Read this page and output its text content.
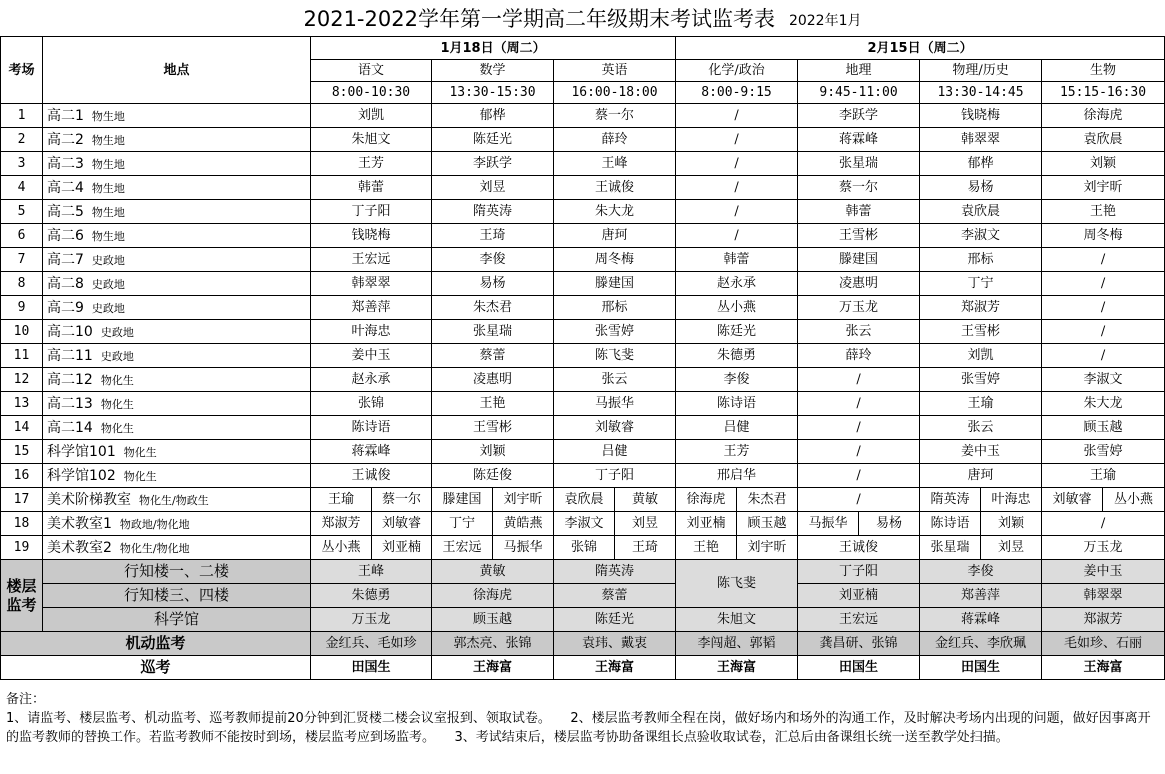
2021-2022学年第一学期高二年级期末考试监考表 2022年1月
考场	地点	1月18日（周二）						2月15日（周二）							
		语文		数学		英语		化学/政治		地理		物理/历史		生物	
		8:00-10:30		13:30-15:30		16:00-18:00		8:00-9:15		9:45-11:00		13:30-14:45		15:15-16:30	
1	高二1 物生地	刘凯		郁桦		蔡一尔		/		李跃学		钱晓梅		徐海虎	
2	高二2 物生地	朱旭文		陈廷光		薛玲		/		蒋霖峰		韩翠翠		袁欣晨	
3	高二3 物生地	王芳		李跃学		王峰		/		张星瑞		郁桦		刘颖	
4	高二4 物生地	韩蕾		刘昱		王诚俊		/		蔡一尔		易杨		刘宇昕	
5	高二5 物生地	丁子阳		隋英涛		朱大龙		/		韩蕾		袁欣晨		王艳	
6	高二6 物生地	钱晓梅		王琦		唐珂		/		王雪彬		李淑文		周冬梅	
7	高二7 史政地	王宏远		李俊		周冬梅		韩蕾		滕建国		邢标		/	
8	高二8 史政地	韩翠翠		易杨		滕建国		赵永承		凌惠明		丁宁		/	
9	高二9 史政地	郑善萍		朱杰君		邢标		丛小燕		万玉龙		郑淑芳		/	
10	高二10 史政地	叶海忠		张星瑞		张雪婷		陈廷光		张云		王雪彬		/	
11	高二11 史政地	姜中玉		蔡蕾		陈飞斐		朱德勇		薛玲		刘凯		/	
12	高二12 物化生	赵永承		凌惠明		张云		李俊		/		张雪婷		李淑文	
13	高二13 物化生	张锦		王艳		马振华		陈诗语		/		王瑜		朱大龙	
14	高二14 物化生	陈诗语		王雪彬		刘敏睿		吕健		/		张云		顾玉越	
15	科学馆101 物化生	蒋霖峰		刘颖		吕健		王芳		/		姜中玉		张雪婷	
16	科学馆102 物化生	王诚俊		陈廷俊		丁子阳		邢启华		/		唐珂		王瑜	
17	美术阶梯教室 物化生/物政生	王瑜	蔡一尔	滕建国	刘宇昕	袁欣晨	黄敏	徐海虎	朱杰君	/		隋英涛	叶海忠	刘敏睿	丛小燕
18	美术教室1 物政地/物化地	郑淑芳	刘敏睿	丁宁	黄皓燕	李淑文	刘昱	刘亚楠	顾玉越	马振华	易杨	陈诗语	刘颖	/	
19	美术教室2 物化生/物化地	丛小燕	刘亚楠	王宏远	马振华	张锦	王琦	王艳	刘宇昕	王诚俊		张星瑞	刘昱	万玉龙	
楼层监考	行知楼一、二楼	王峰		黄敏		隋英涛		陈飞斐		丁子阳		李俊		姜中玉	
	行知楼三、四楼	朱德勇		徐海虎		蔡蕾				刘亚楠		郑善萍		韩翠翠	
	科学馆	万玉龙		顾玉越		陈廷光		朱旭文		王宏远		蒋霖峰		郑淑芳	
机动监考		金红兵、毛如珍		郭杰亮、张锦		袁玮、戴衷		李闯超、郭韬		龚昌研、张锦		金红兵、李欣珮		毛如珍、石丽	
巡考		田国生		王海富		王海富		王海富		田国生		田国生		王海富	

备注：

1、请监考、楼层监考、机动监考、巡考教师提前20分钟到汇贤楼二楼会议室报到、领取试卷。　　2、楼层监考教师全程在岗，做好场内和场外的沟通工作，及时解决考场内出现的问题，做好因事离开的监考教师的替换工作。若监考教师不能按时到场，楼层监考应到场监考。　　3、考试结束后，楼层监考协助备课组长点验收取试卷，汇总后由备课组长统一送至教学处扫描。
